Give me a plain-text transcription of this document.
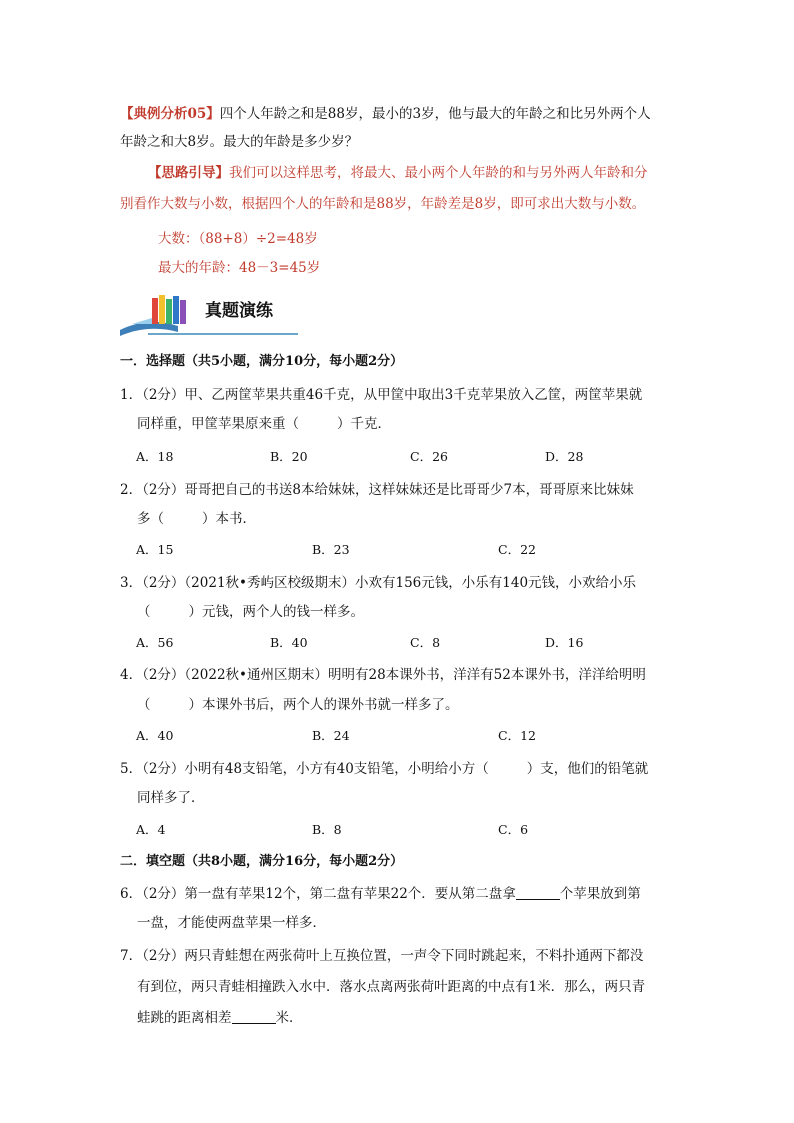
【典例分析05】四个人年龄之和是88岁，最小的3岁，他与最大的年龄之和比另外两个人
年龄之和大8岁。最大的年龄是多少岁？
【思路引导】我们可以这样思考，将最大、最小两个人年龄的和与另外两人年龄和分
别看作大数与小数，根据四个人的年龄和是88岁，年龄差是8岁，即可求出大数与小数。
大数：（88+8）÷2=48岁
最大的年龄：48－3=45岁
真题演练
一．选择题（共5小题，满分10分，每小题2分）
1．（2分）甲、乙两筐苹果共重46千克，从甲筐中取出3千克苹果放入乙筐，两筐苹果就
同样重，甲筐苹果原来重（	）千克．
A．18	B．20	C．26	D．28
2．（2分）哥哥把自己的书送8本给妹妹，这样妹妹还是比哥哥少7本，哥哥原来比妹妹
多（	）本书．
A．15	B．23	C．22
3．（2分）（2021秋•秀屿区校级期末）小欢有156元钱，小乐有140元钱，小欢给小乐
（	）元钱，两个人的钱一样多。
A．56	B．40	C．8	D．16
4．（2分）（2022秋•通州区期末）明明有28本课外书，洋洋有52本课外书，洋洋给明明
（	）本课外书后，两个人的课外书就一样多了。
A．40	B．24	C．12
5．（2分）小明有48支铅笔，小方有40支铅笔，小明给小方（	）支，他们的铅笔就
同样多了．
A．4	B．8	C．6
二．填空题（共8小题，满分16分，每小题2分）
6．（2分）第一盘有苹果12个，第二盘有苹果22个．要从第二盘拿	个苹果放到第
一盘，才能使两盘苹果一样多．
7．（2分）两只青蛙想在两张荷叶上互换位置，一声令下同时跳起来，不料扑通两下都没
有到位，两只青蛙相撞跌入水中．落水点离两张荷叶距离的中点有1米．那么，两只青
蛙跳的距离相差	米．
